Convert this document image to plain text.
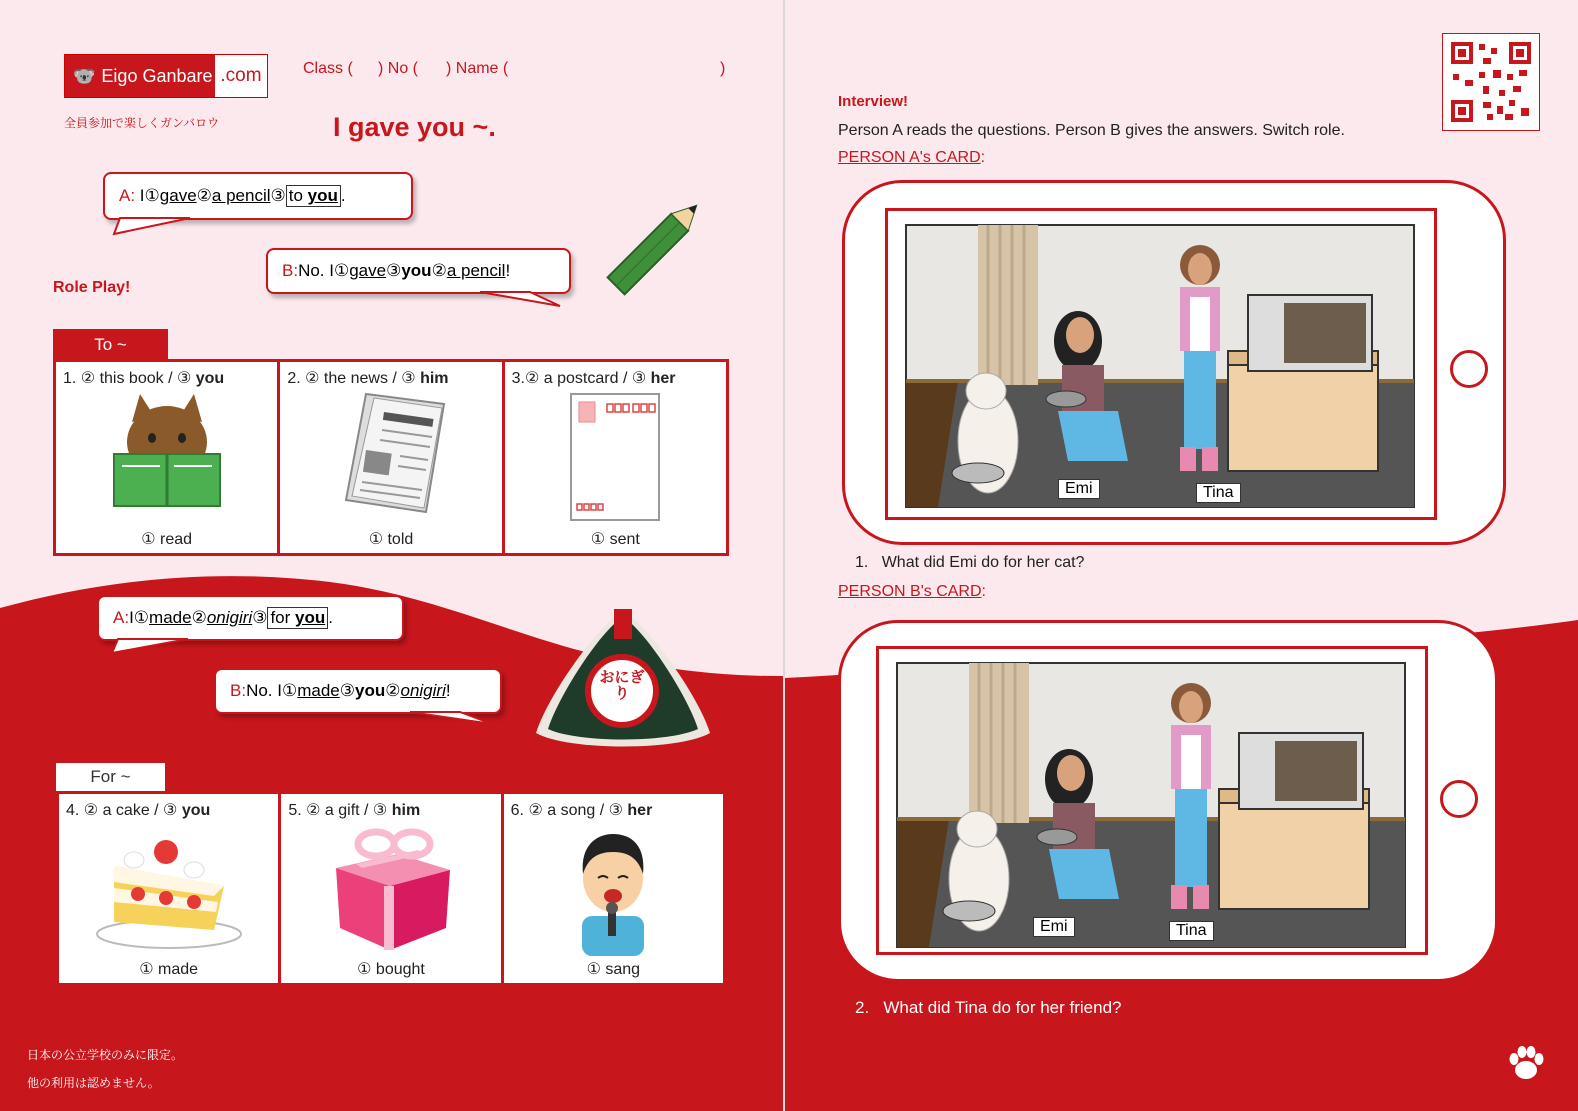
🐨 Eigo Ganbare .com	Class ( ) No ( ) Name (	)
全員参加で楽しくガンバロウ	I gave you ~.
A:
I ① gave ② a pencil ③ to you .
B: No. I ① gave ③ you ② a pencil !
Role Play!
To ~
1. ② this book / ③ you
① read
2. ② the news / ③ him
① told
3.② a postcard / ③ her
① sent
A: I ① made ② onigiri ③ for you .
B: No. I ① made ③ you ② onigiri !
おにぎり
For ~
4. ② a cake / ③ you
① made
5. ② a gift / ③ him
① bought
6. ② a song / ③ her
① sang
日本の公立学校のみに限定。
他の利用は認めません。
Interview!
Person A reads the questions. Person B gives the answers. Switch role.
PERSON A's CARD:
Emi	Tina
1. What did Emi do for her cat?
PERSON B's CARD:
Emi	Tina
2. What did Tina do for her friend?
